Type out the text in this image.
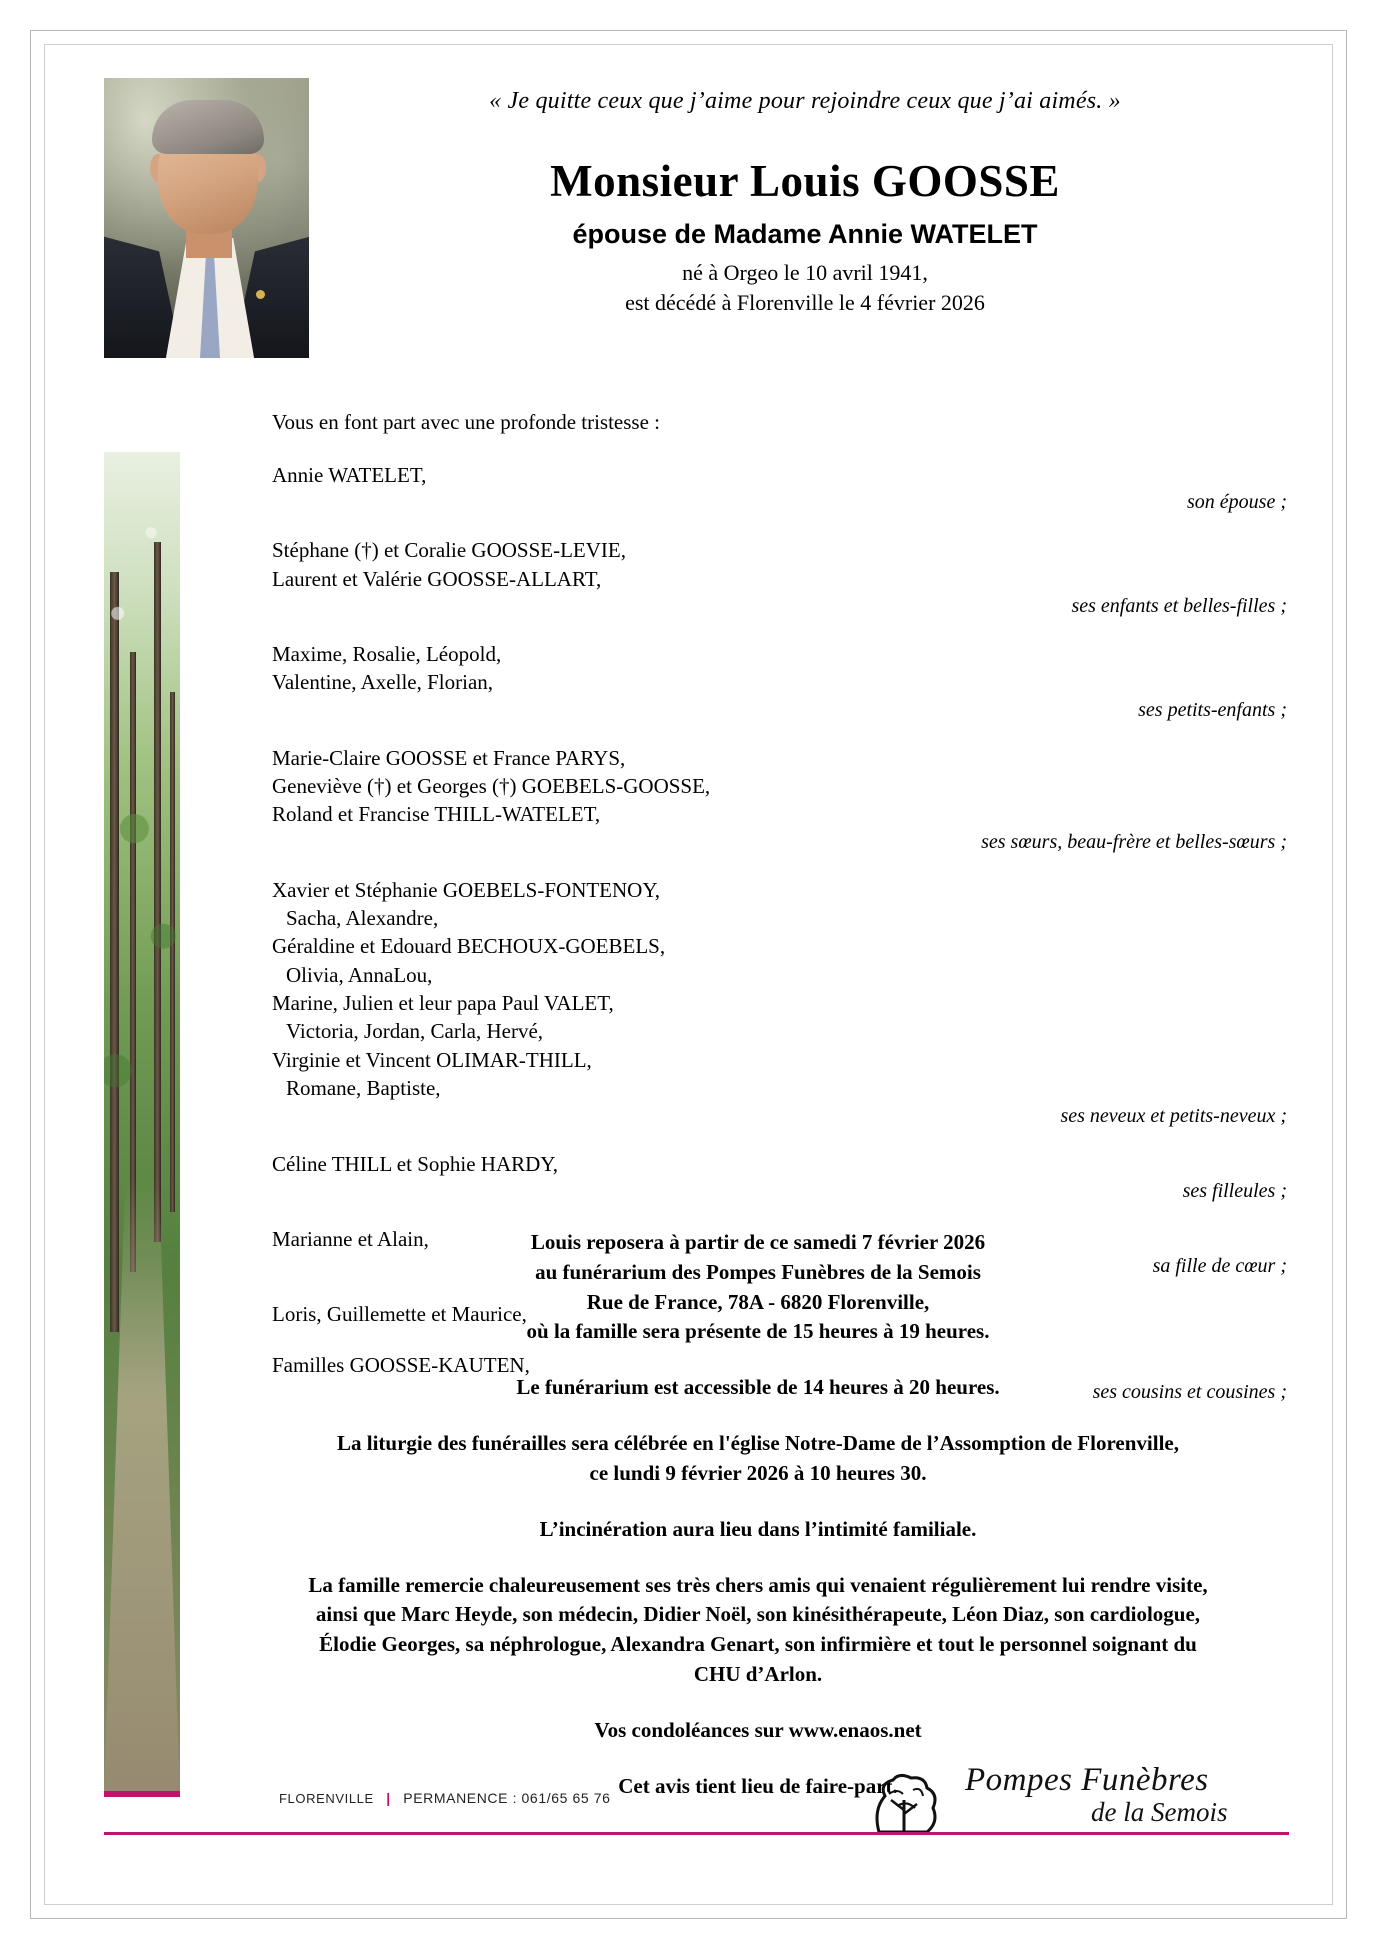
« Je quitte ceux que j’aime pour rejoindre ceux que j’ai aimés. »
Monsieur Louis GOOSSE
épouse de Madame Annie WATELET
né à Orgeo le 10 avril 1941,
est décédé à Florenville le 4 février 2026
Vous en font part avec une profonde tristesse :
Annie WATELET,
son épouse ;
Stéphane (†) et Coralie GOOSSE-LEVIE,
Laurent et Valérie GOOSSE-ALLART,
ses enfants et belles-filles ;
Maxime, Rosalie, Léopold,
Valentine, Axelle, Florian,
ses petits-enfants ;
Marie-Claire GOOSSE et France PARYS,
Geneviève (†) et Georges (†) GOEBELS-GOOSSE,
Roland et Francise THILL-WATELET,
ses sœurs, beau-frère et belles-sœurs ;
Xavier et Stéphanie GOEBELS-FONTENOY,
Sacha, Alexandre,
Géraldine et Edouard BECHOUX-GOEBELS,
Olivia, AnnaLou,
Marine, Julien et leur papa Paul VALET,
Victoria, Jordan, Carla, Hervé,
Virginie et Vincent OLIMAR-THILL,
Romane, Baptiste,
ses neveux et petits-neveux ;
Céline THILL et Sophie HARDY,
ses filleules ;
Marianne et Alain,
sa fille de cœur ;
Loris, Guillemette et Maurice,
Familles GOOSSE-KAUTEN,
ses cousins et cousines ;

Louis reposera à partir de ce samedi 7 février 2026
au funérarium des Pompes Funèbres de la Semois
Rue de France, 78A - 6820 Florenville,
où la famille sera présente de 15 heures à 19 heures.

Le funérarium est accessible de 14 heures à 20 heures.

La liturgie des funérailles sera célébrée en l'église Notre-Dame de l’Assomption de Florenville,
ce lundi 9 février 2026 à 10 heures 30.

L’incinération aura lieu dans l’intimité familiale.

La famille remercie chaleureusement ses très chers amis qui venaient régulièrement lui rendre visite,
ainsi que Marc Heyde, son médecin, Didier Noël, son kinésithérapeute, Léon Diaz, son cardiologue,
Élodie Georges, sa néphrologue, Alexandra Genart, son infirmière et tout le personnel soignant du
CHU d’Arlon.

Vos condoléances sur www.enaos.net

Cet avis tient lieu de faire-part.

FLORENVILLE | PERMANENCE : 061/65 65 76	Pompes Funèbres
de la Semois
